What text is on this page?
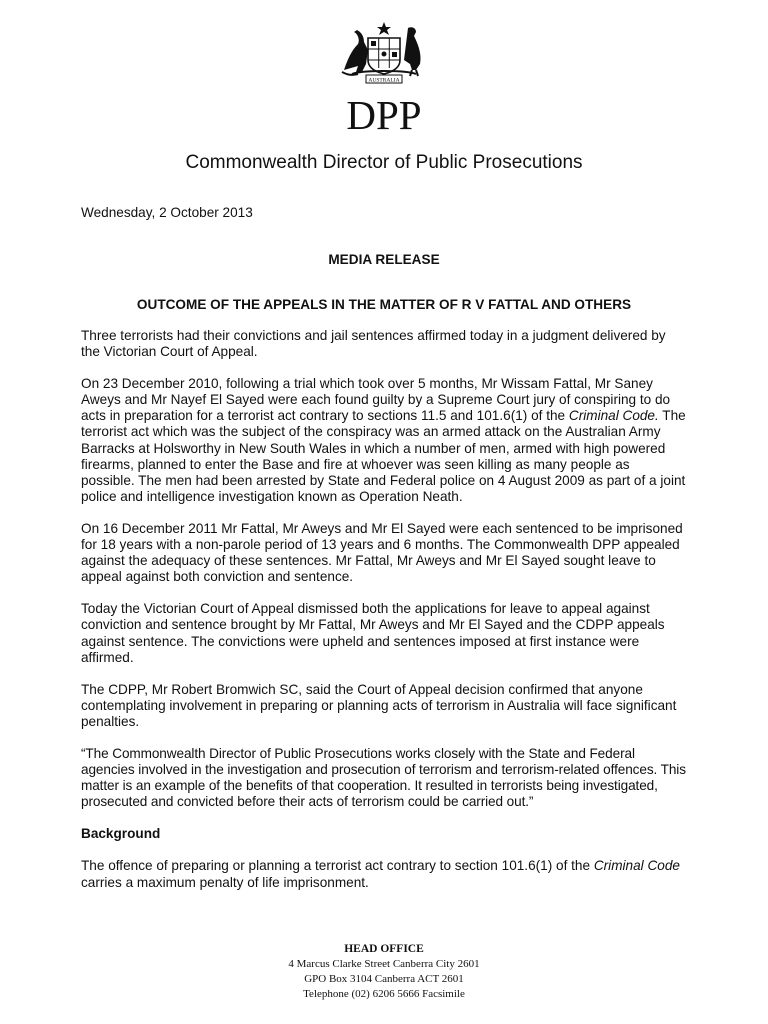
AUSTRALIA
DPP
Commonwealth Director of Public Prosecutions
Wednesday, 2 October 2013
MEDIA RELEASE
OUTCOME OF THE APPEALS IN THE MATTER OF R V FATTAL AND OTHERS

Three terrorists had their convictions and jail sentences affirmed today in a judgment delivered by the Victorian Court of Appeal.

On 23 December 2010, following a trial which took over 5 months, Mr Wissam Fattal, Mr Saney Aweys and Mr Nayef El Sayed were each found guilty by a Supreme Court jury of conspiring to do acts in preparation for a terrorist act contrary to sections 11.5 and 101.6(1) of the Criminal Code. The terrorist act which was the subject of the conspiracy was an armed attack on the Australian Army Barracks at Holsworthy in New South Wales in which a number of men, armed with high powered firearms, planned to enter the Base and fire at whoever was seen killing as many people as possible. The men had been arrested by State and Federal police on 4 August 2009 as part of a joint police and intelligence investigation known as Operation Neath.

On 16 December 2011 Mr Fattal, Mr Aweys and Mr El Sayed were each sentenced to be imprisoned for 18 years with a non-parole period of 13 years and 6 months. The Commonwealth DPP appealed against the adequacy of these sentences. Mr Fattal, Mr Aweys and Mr El Sayed sought leave to appeal against both conviction and sentence.

Today the Victorian Court of Appeal dismissed both the applications for leave to appeal against conviction and sentence brought by Mr Fattal, Mr Aweys and Mr El Sayed and the CDPP appeals against sentence. The convictions were upheld and sentences imposed at first instance were affirmed.

The CDPP, Mr Robert Bromwich SC, said the Court of Appeal decision confirmed that anyone contemplating involvement in preparing or planning acts of terrorism in Australia will face significant penalties.

“The Commonwealth Director of Public Prosecutions works closely with the State and Federal agencies involved in the investigation and prosecution of terrorism and terrorism-related offences. This matter is an example of the benefits of that cooperation. It resulted in terrorists being investigated, prosecuted and convicted before their acts of terrorism could be carried out.”

Background

The offence of preparing or planning a terrorist act contrary to section 101.6(1) of the Criminal Code carries a maximum penalty of life imprisonment.

HEAD OFFICE
4 Marcus Clarke Street Canberra City 2601
GPO Box 3104 Canberra ACT 2601
Telephone (02) 6206 5666 Facsimile
